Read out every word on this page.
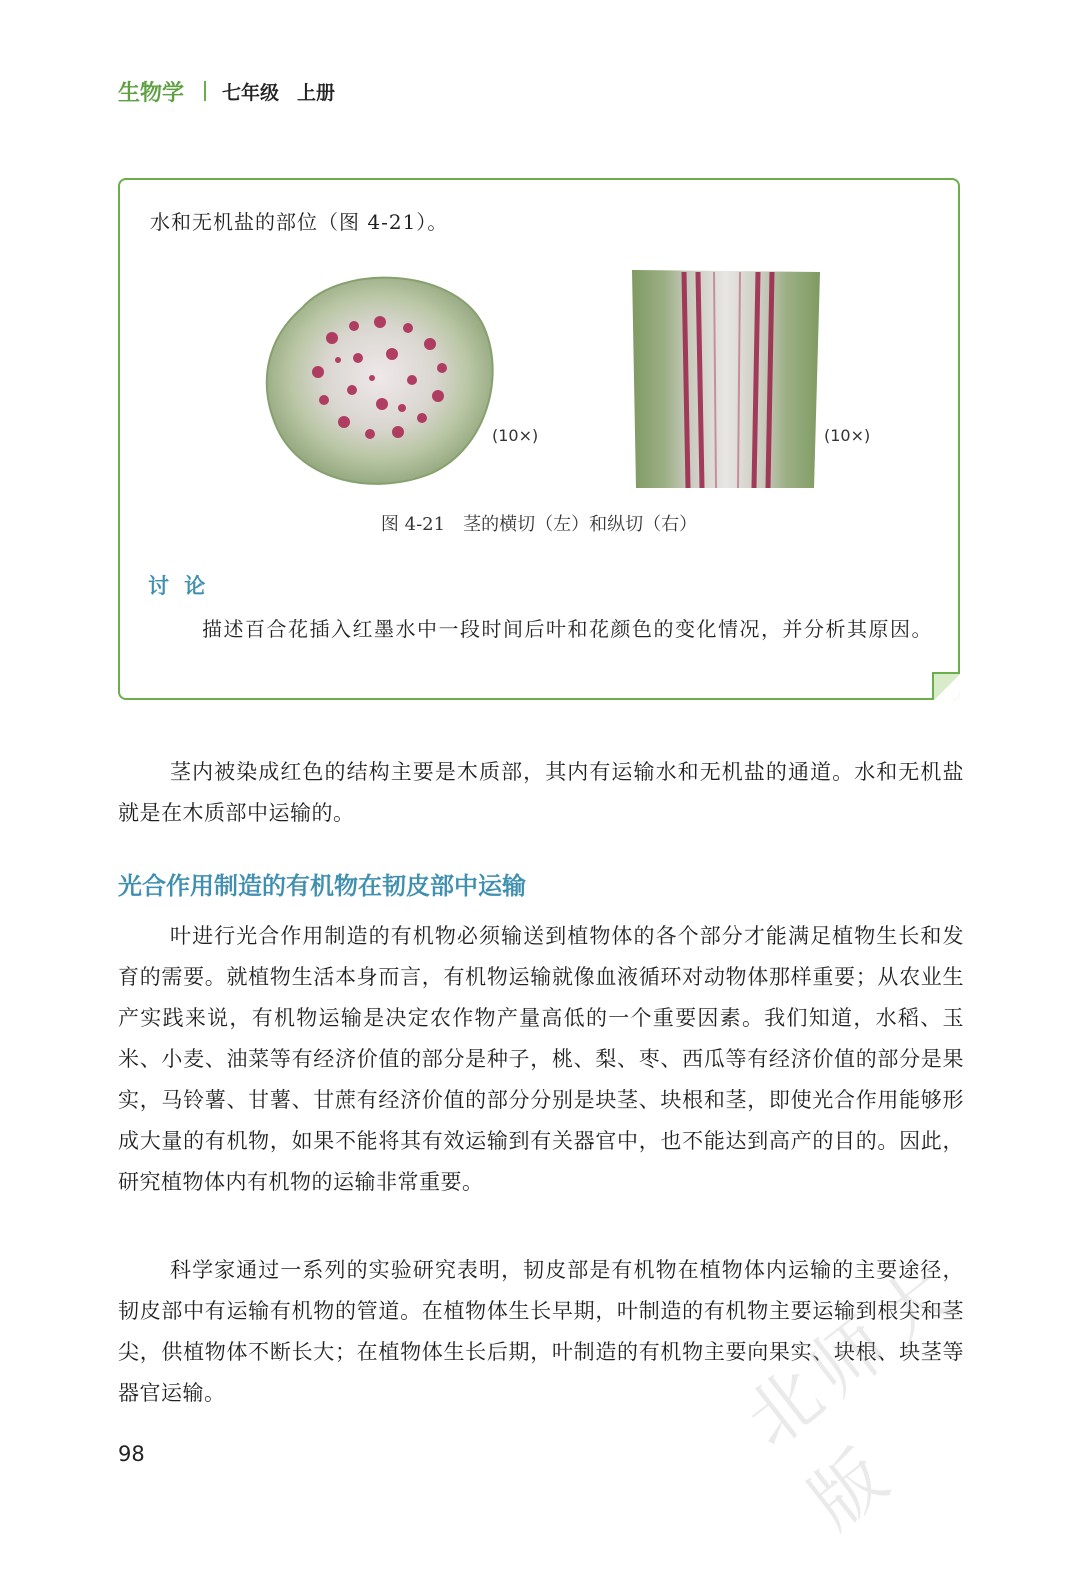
生物学 七年级 上册
水和无机盐的部位（图 4-21）。
(10×)	(10×)
图 4-21　茎的横切（左）和纵切（右）
讨 论
描述百合花插入红墨水中一段时间后叶和花颜色的变化情况，并分析其原因。
茎内被染成红色的结构主要是木质部，其内有运输水和无机盐的通道。水和无机盐就是在木质部中运输的。
光合作用制造的有机物在韧皮部中运输
叶进行光合作用制造的有机物必须输送到植物体的各个部分才能满足植物生长和发育的需要。就植物生活本身而言，有机物运输就像血液循环对动物体那样重要；从农业生产实践来说，有机物运输是决定农作物产量高低的一个重要因素。我们知道，水稻、玉米、小麦、油菜等有经济价值的部分是种子，桃、梨、枣、西瓜等有经济价值的部分是果实，马铃薯、甘薯、甘蔗有经济价值的部分分别是块茎、块根和茎，即使光合作用能够形成大量的有机物，如果不能将其有效运输到有关器官中，也不能达到高产的目的。因此，研究植物体内有机物的运输非常重要。
科学家通过一系列的实验研究表明，韧皮部是有机物在植物体内运输的主要途径，韧皮部中有运输有机物的管道。在植物体生长早期，叶制造的有机物主要运输到根尖和茎尖，供植物体不断长大；在植物体生长后期，叶制造的有机物主要向果实、块根、块茎等器官运输。
98	北师大版
